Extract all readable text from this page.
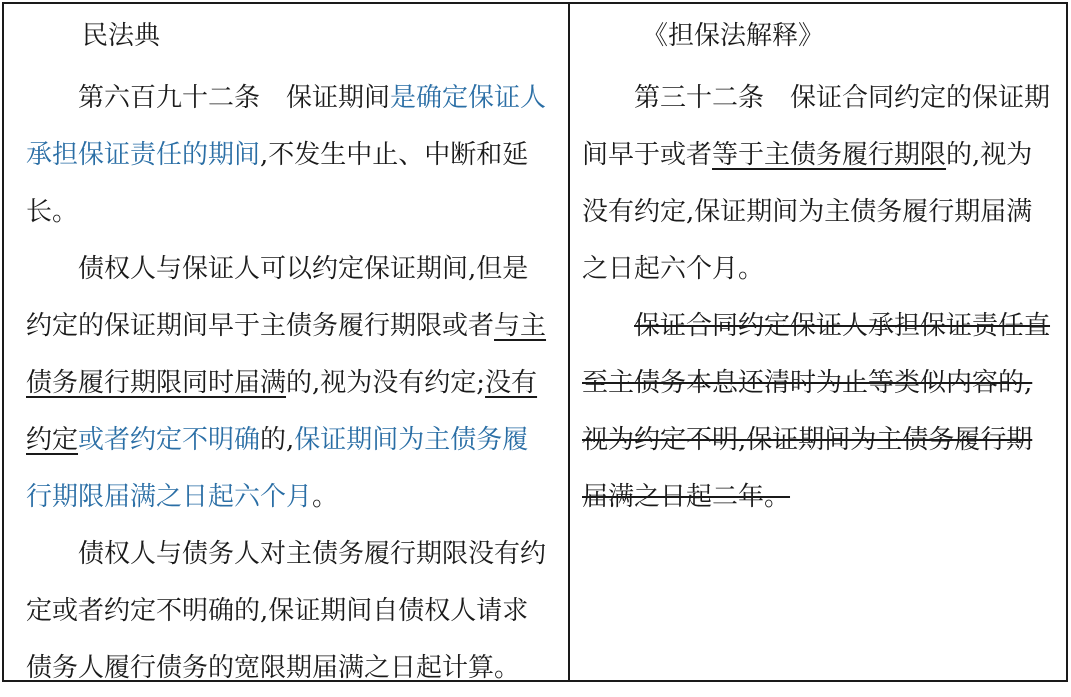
民法典

第六百九十二条　保证期间是确定保证人承担保证责任的期间,不发生中止、中断和延长。

债权人与保证人可以约定保证期间,但是约定的保证期间早于主债务履行期限或者与主债务履行期限同时届满的,视为没有约定;没有约定或者约定不明确的,保证期间为主债务履行期限届满之日起六个月。

债权人与债务人对主债务履行期限没有约定或者约定不明确的,保证期间自债权人请求债务人履行债务的宽限期届满之日起计算。

《担保法解释》

第三十二条　保证合同约定的保证期间早于或者等于主债务履行期限的,视为没有约定,保证期间为主债务履行期届满之日起六个月。

保证合同约定保证人承担保证责任直至主债务本息还清时为止等类似内容的,视为约定不明,保证期间为主债务履行期届满之日起二年。
